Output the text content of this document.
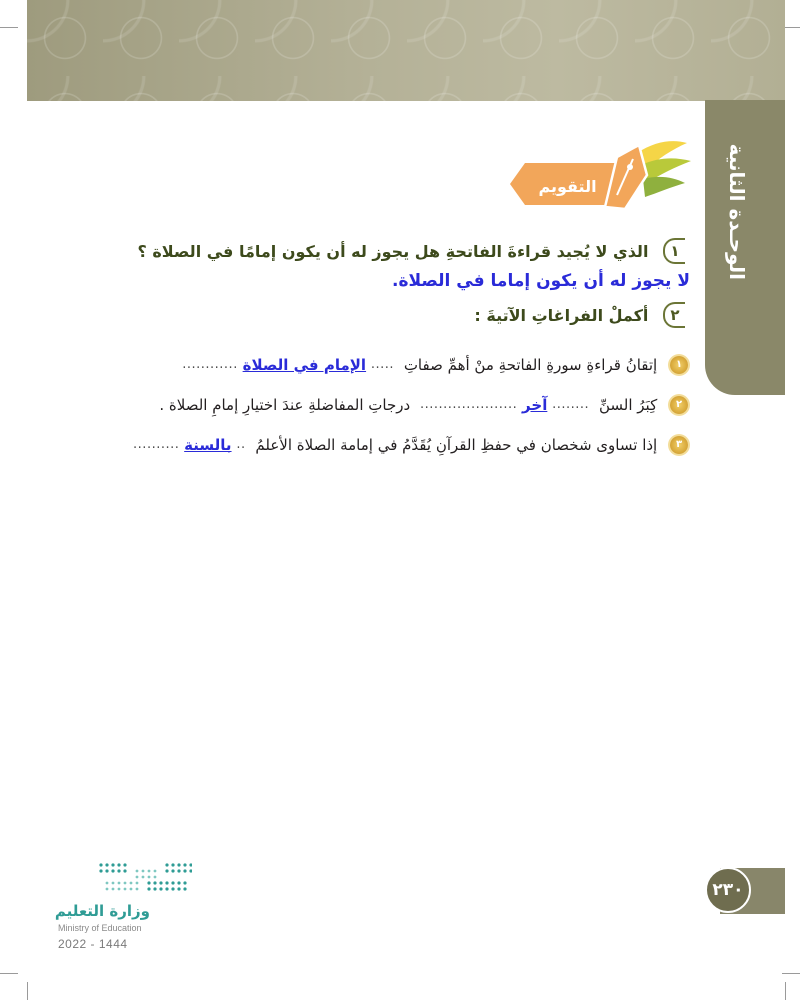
الوحـدة الثانية
التقويم
١ الذي لا يُجيد قراءةَ الفاتحةِ هل يجوز له أن يكون إمامًا في الصلاة ؟
لا يجوز له أن يكون إماما في الصلاة.
٢ أكملْ الفراغاتِ الآتيةَ :
١ إتقانُ قراءةِ سورةِ الفاتحةِ منْ أهمِّ صفاتِ ..... الإمام في الصلاة ............
٢ كِبَرُ السنِّ ........ آخر ..................... درجاتِ المفاضلةِ عندَ اختيارِ إمامِ الصلاة .
٣ إذا تساوى شخصان في حفظِ القرآنِ يُقَدَّمُ في إمامة الصلاة الأعلمُ .. بالسنة ..........
٢٣٠
وزارة التعليم
Ministry of Education
2022 - 1444
